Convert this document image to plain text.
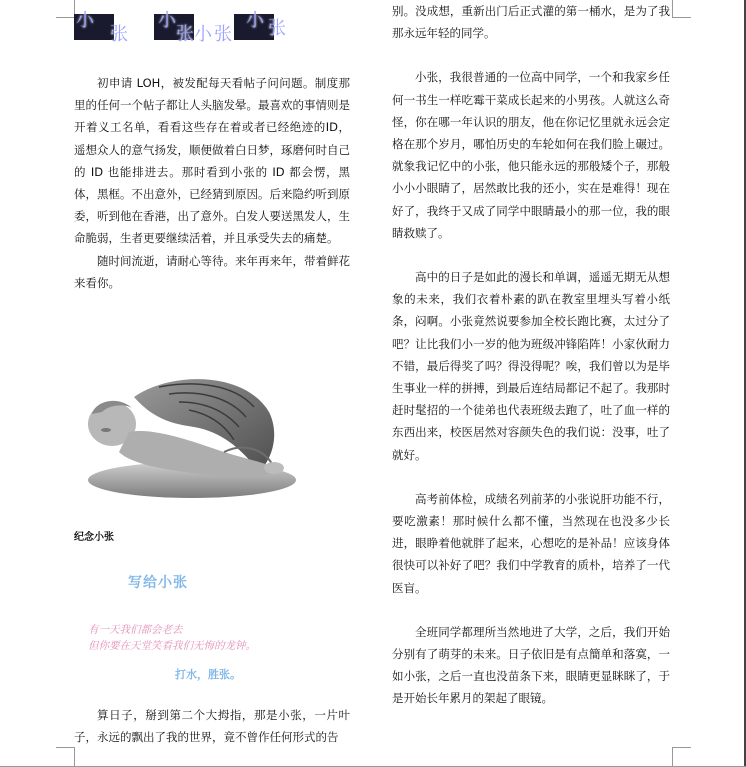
小
张
小
张 小 张
小 张

初申请 LOH，被发配每天看帖子问问题。制度那里的任何一个帖子都让人头脑发晕。最喜欢的事情则是开着义工名单，看看这些存在着或者已经绝迹的ID，遥想众人的意气扬发，顺便做着白日梦，琢磨何时自己的 ID 也能排进去。那时看到小张的 ID 都会愣，黑体，黑框。不出意外，已经猜到原因。后来隐约听到原委，听到他在香港，出了意外。白发人要送黑发人，生命脆弱，生者更要继续活着，并且承受失去的痛楚。

随时间流逝，请耐心等待。来年再来年，带着鲜花来看你。

纪念小张
写给小张
有一天我们都会老去
但你要在天堂笑看我们无悔的龙钟。
打水，胜张。

算日子，掰到第二个大拇指，那是小张，一片叶子，永远的飘出了我的世界，竟不曾作任何形式的告

别。没成想，重新出门后正式灌的第一桶水，是为了我那永远年轻的同学。

小张，我很普通的一位高中同学，一个和我家乡任何一书生一样吃霉干菜成长起来的小男孩。人就这么奇怪，你在哪一年认识的朋友，他在你记忆里就永远会定格在那个岁月，哪怕历史的车轮如何在我们脸上碾过。就象我记忆中的小张，他只能永远的那般矮个子，那般小小小眼睛了，居然敢比我的还小，实在是难得！现在好了，我终于又成了同学中眼睛最小的那一位，我的眼睛救赎了。

高中的日子是如此的漫长和单调，遥遥无期无从想象的未来，我们衣着朴素的趴在教室里埋头写着小纸条，闷啊。小张竟然说要参加全校长跑比赛，太过分了吧？让比我们小一岁的他为班级冲锋陷阵！小家伙耐力不错，最后得奖了吗？得没得呢？唉，我们曾以为是毕生事业一样的拼搏，到最后连结局都记不起了。我那时赶时髦招的一个徒弟也代表班级去跑了，吐了血一样的东西出来，校医居然对容颜失色的我们说：没事，吐了就好。

高考前体检，成绩名列前茅的小张说肝功能不行，要吃激素！那时候什么都不懂，当然现在也没多少长进，眼睁着他就胖了起来，心想吃的是补品！应该身体很快可以补好了吧？我们中学教育的质朴，培养了一代医盲。

全班同学都理所当然地进了大学，之后，我们开始分别有了萌芽的未来。日子依旧是有点簡单和落寞，一如小张，之后一直也没苗条下来，眼睛更显眯眯了，于是开始长年累月的架起了眼镜。
